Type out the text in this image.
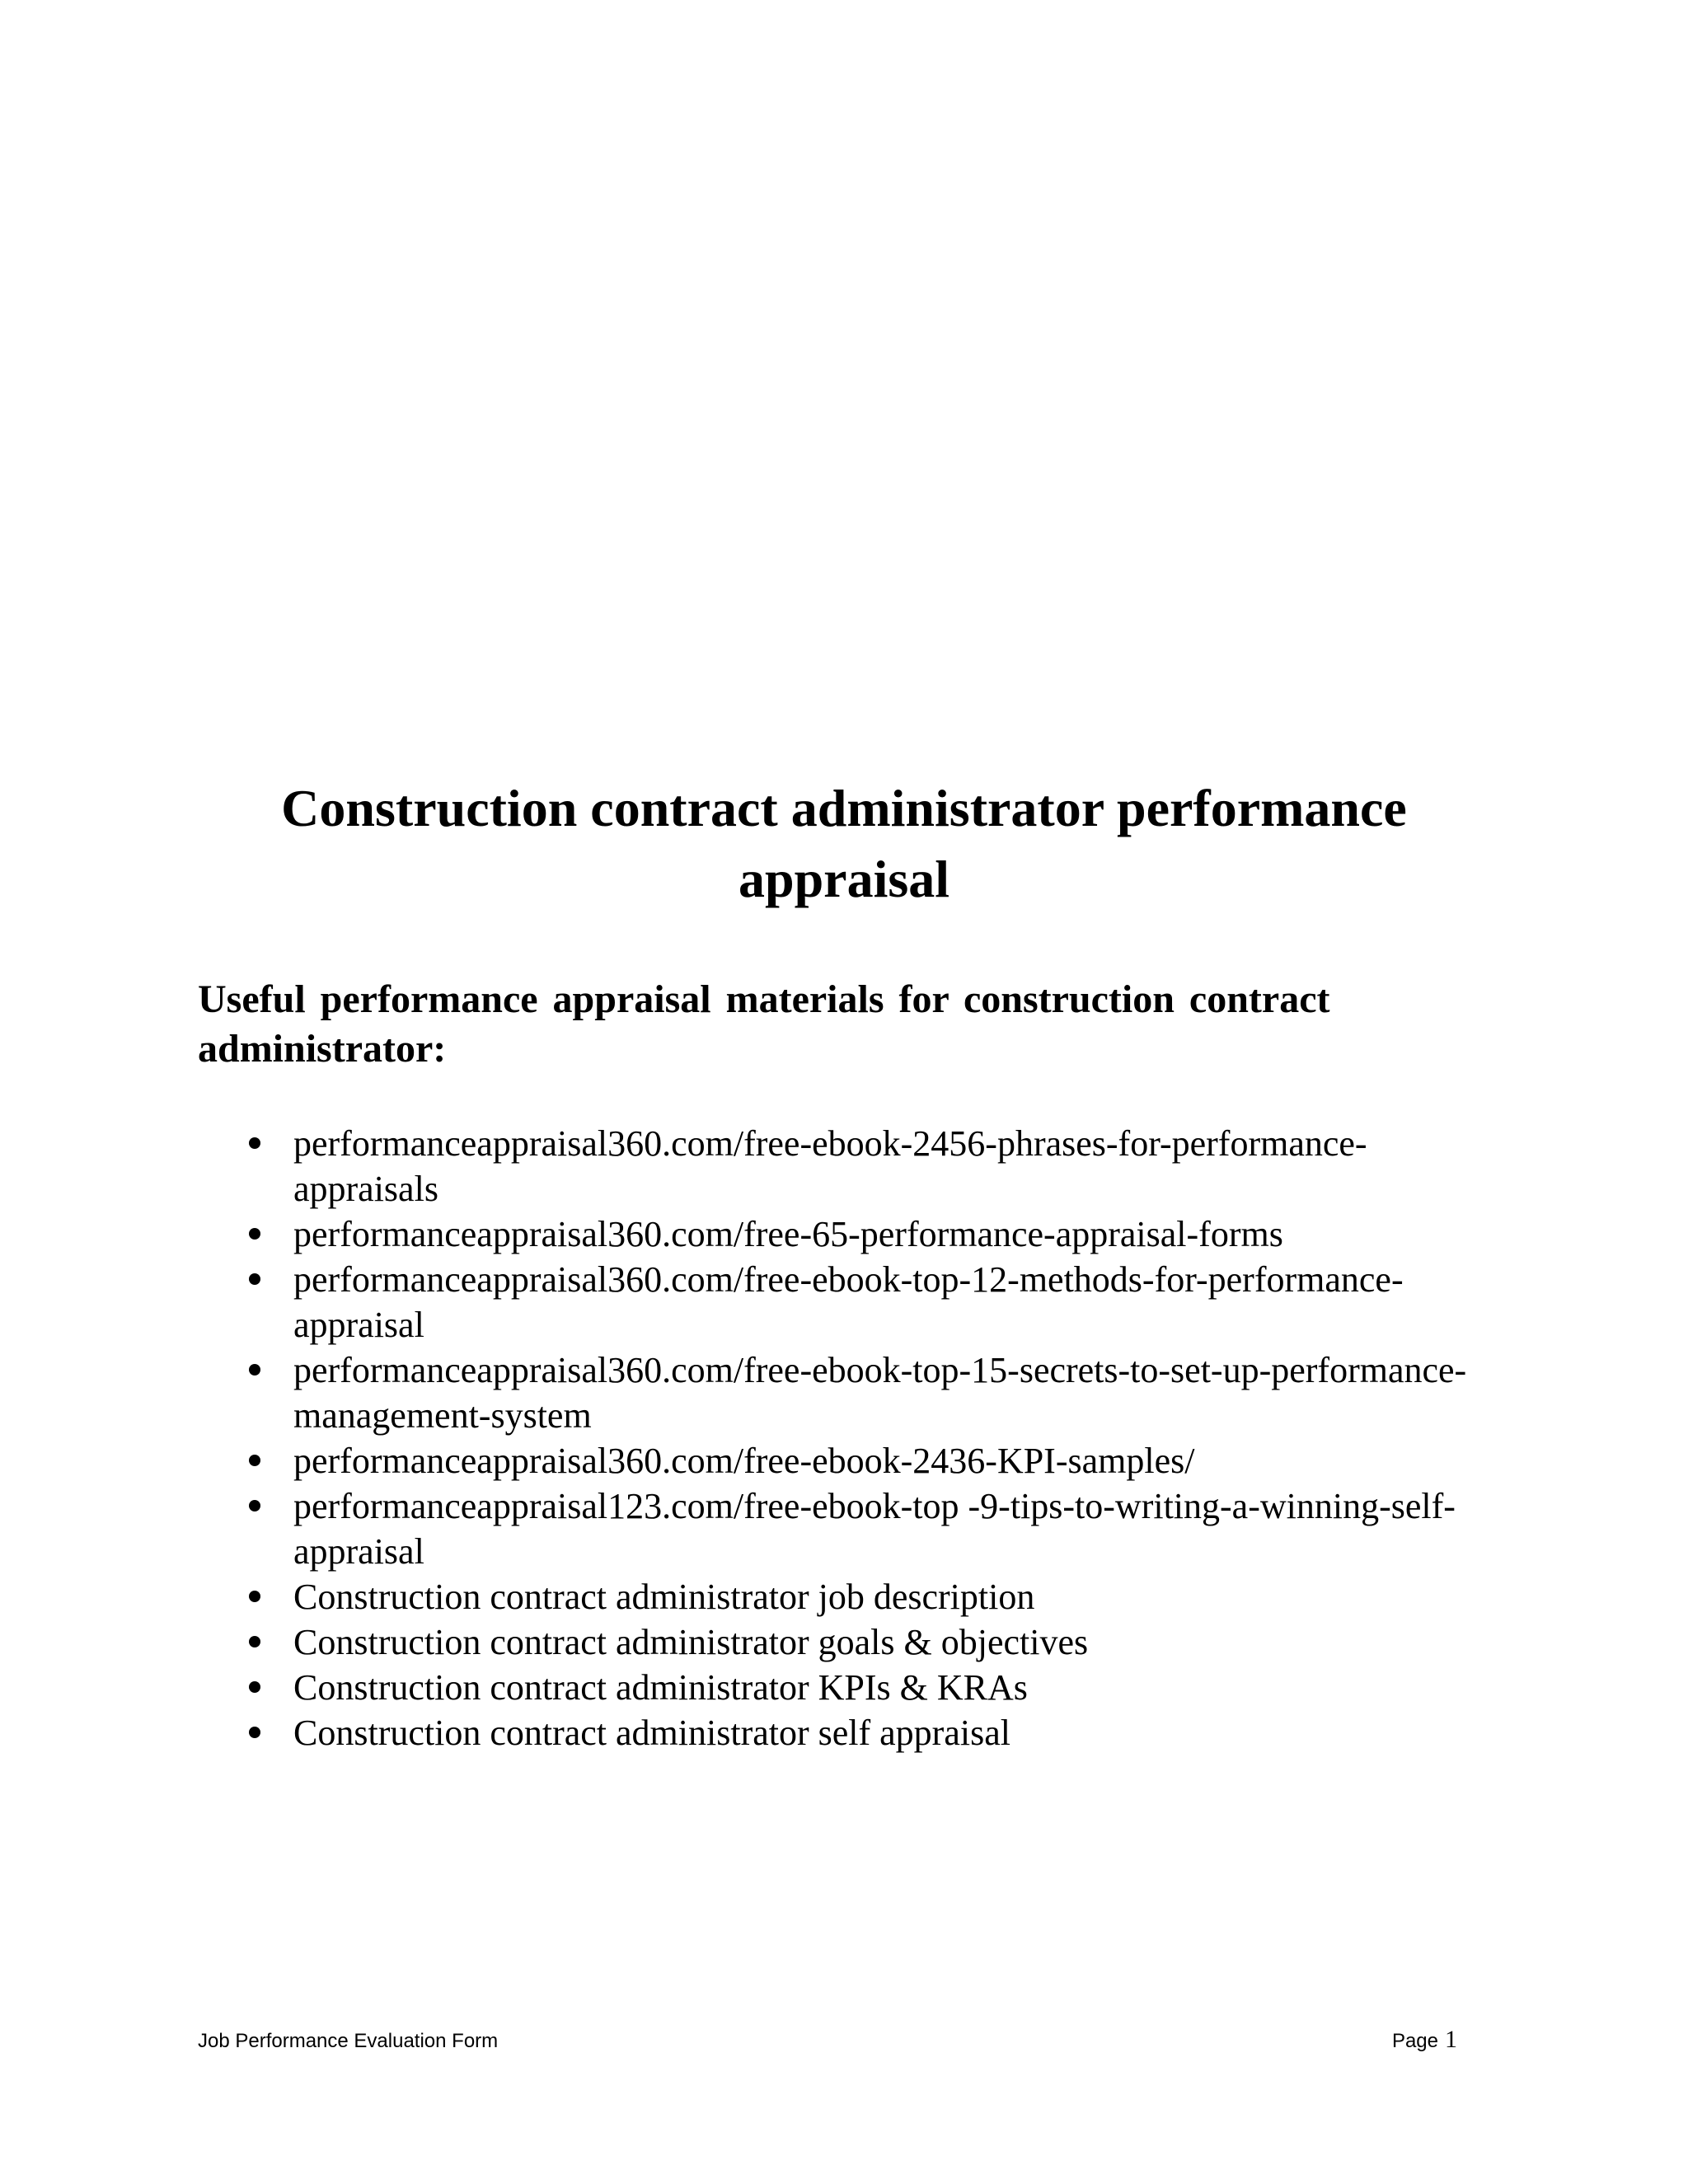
Construction contract administrator performance appraisal
Useful performance appraisal materials for construction contract administrator:
performanceappraisal360.com/free-ebook-2456-phrases-for-performance-appraisals
performanceappraisal360.com/free-65-performance-appraisal-forms
performanceappraisal360.com/free-ebook-top-12-methods-for-performance-appraisal
performanceappraisal360.com/free-ebook-top-15-secrets-to-set-up-performance-management-system
performanceappraisal360.com/free-ebook-2436-KPI-samples/
performanceappraisal123.com/free-ebook-top -9-tips-to-writing-a-winning-self-appraisal
Construction contract administrator job description
Construction contract administrator goals & objectives
Construction contract administrator KPIs & KRAs
Construction contract administrator self appraisal
Job Performance Evaluation Form	Page 1
